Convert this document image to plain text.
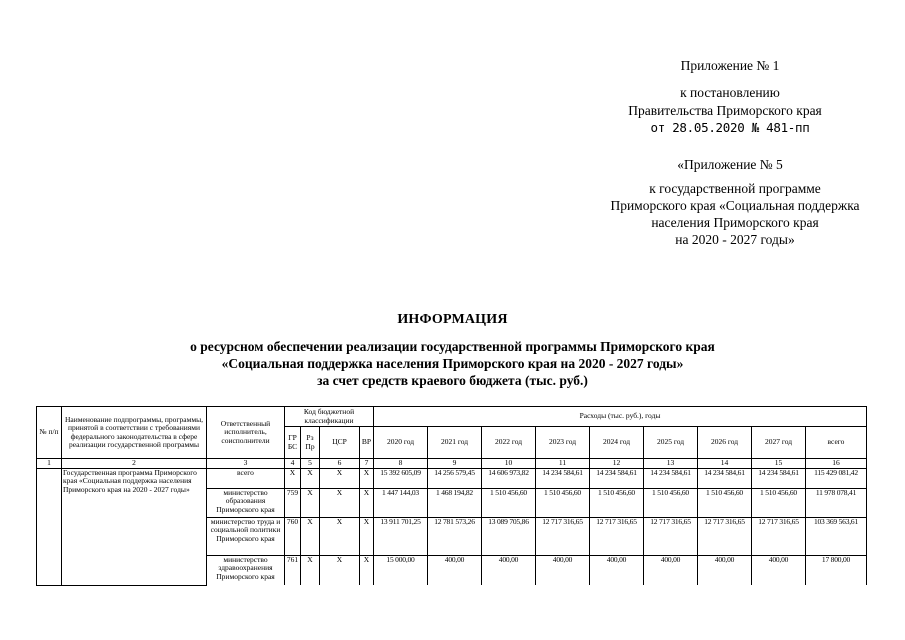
Приложение № 1
к постановлению
Правительства Приморского края
от 28.05.2020 № 481-пп
«Приложение № 5
к государственной программе
Приморского края «Социальная поддержка
населения Приморского края
на 2020 - 2027 годы»
ИНФОРМАЦИЯ
о ресурсном обеспечении реализации государственной программы Приморского края
«Социальная поддержка населения Приморского края на 2020 - 2027 годы»
за счет средств краевого бюджета (тыс. руб.)
№ п/п	Наименование подпрограммы, программы, принятой в соответствии с требованиями федерального законодательства в сфере реализации государственной программы	Ответственный исполнитель, соисполнители	Код бюджетной классификации				Расходы (тыс. руб.), годы								
			ГР БС	Рз Пр	ЦСР	ВР	2020 год	2021 год	2022 год	2023 год	2024 год	2025 год	2026 год	2027 год	всего
1	2	3	4	5	6	7	8	9	10	11	12	13	14	15	16
	Государственная программа Приморского края «Социальная поддержка населения Приморского края на 2020 - 2027 годы»	всего	X	X	X	X	15 392 605,09	14 256 579,45	14 606 973,82	14 234 584,61	14 234 584,61	14 234 584,61	14 234 584,61	14 234 584,61	115 429 081,42
		министерство образования Приморского края	759	X	X	X	1 447 144,03	1 468 194,82	1 510 456,60	1 510 456,60	1 510 456,60	1 510 456,60	1 510 456,60	1 510 456,60	11 978 078,41
		министерство труда и социальной политики Приморского края	760	X	X	X	13 911 701,25	12 781 573,26	13 089 705,86	12 717 316,65	12 717 316,65	12 717 316,65	12 717 316,65	12 717 316,65	103 369 563,61
		министерство здравоохранения Приморского края	761	X	X	X	15 000,00	400,00	400,00	400,00	400,00	400,00	400,00	400,00	17 800,00
